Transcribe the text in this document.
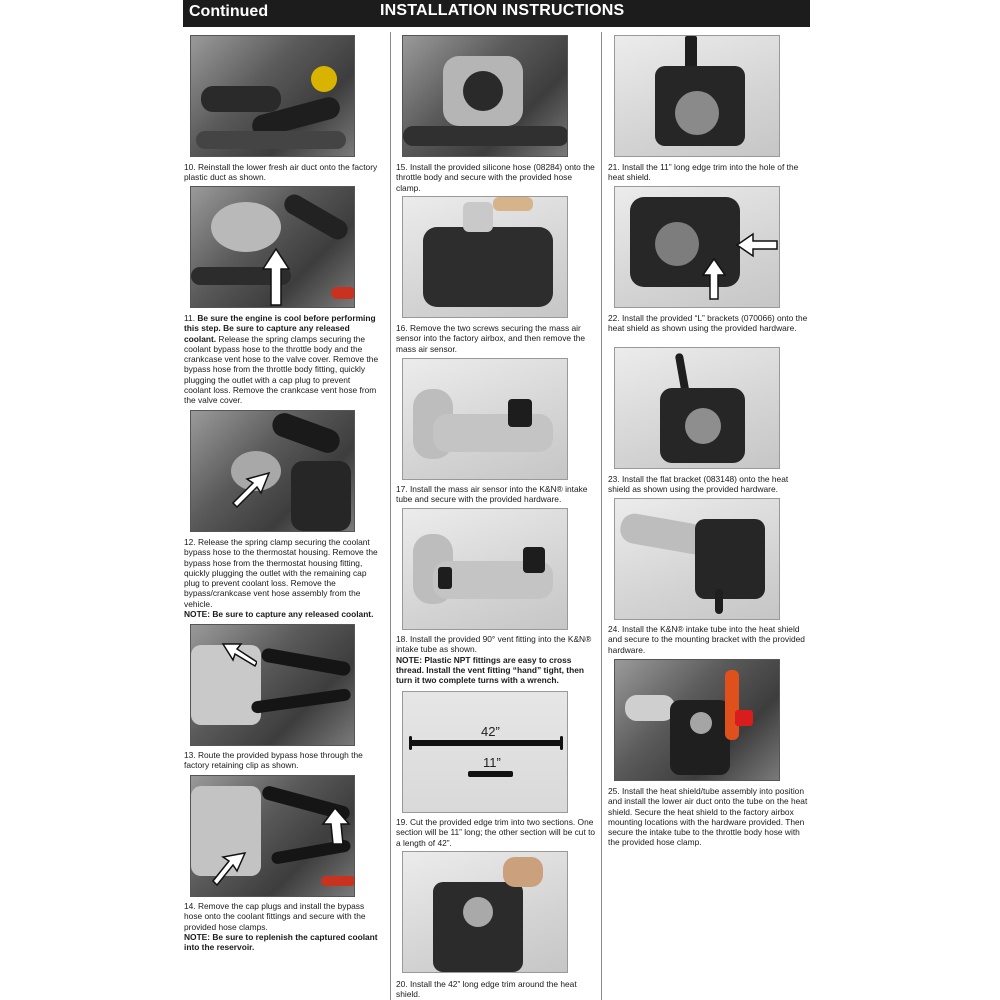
Continued	INSTALLATION INSTRUCTIONS
10. Reinstall the lower fresh air duct onto the factory plastic duct as shown.
11. Be sure the engine is cool before performing this step. Be sure to capture any released coolant. Release the spring clamps securing the coolant bypass hose to the throttle body and the crankcase vent hose to the valve cover. Remove the bypass hose from the throttle body fitting, quickly plugging the outlet with a cap plug to prevent coolant loss. Remove the crankcase vent hose from the valve cover.
12. Release the spring clamp securing the coolant bypass hose to the thermostat housing. Remove the bypass hose from the thermostat housing fitting, quickly plugging the outlet with the remaining cap plug to prevent coolant loss. Remove the bypass/crankcase vent hose assembly from the vehicle.
NOTE: Be sure to capture any released coolant.
13. Route the provided bypass hose through the factory retaining clip as shown.
14. Remove the cap plugs and install the bypass hose onto the coolant fittings and secure with the provided hose clamps.
NOTE: Be sure to replenish the captured coolant into the reservoir.
15. Install the provided silicone hose (08284) onto the throttle body and secure with the provided hose clamp.
16. Remove the two screws securing the mass air sensor into the factory airbox, and then remove the mass air sensor.
17. Install the mass air sensor into the K&N® intake tube and secure with the provided hardware.
18. Install the provided 90° vent fitting into the K&N® intake tube as shown.
NOTE: Plastic NPT fittings are easy to cross thread. Install the vent fitting “hand” tight, then turn it two complete turns with a wrench.
42”
11”
19. Cut the provided edge trim into two sections. One section will be 11” long; the other section will be cut to a length of 42”.
20. Install the 42” long edge trim around the heat shield.
21. Install the 11” long edge trim into the hole of the heat shield.
22. Install the provided “L” brackets (070066) onto the heat shield as shown using the provided hardware.
23. Install the flat bracket (083148) onto the heat shield as shown using the provided hardware.
24. Install the K&N® intake tube into the heat shield and secure to the mounting bracket with the provided hardware.
25. Install the heat shield/tube assembly into position and install the lower air duct onto the tube on the heat shield. Secure the heat shield to the factory airbox mounting locations with the hardware provided. Then secure the intake tube to the throttle body hose with the provided hose clamp.
